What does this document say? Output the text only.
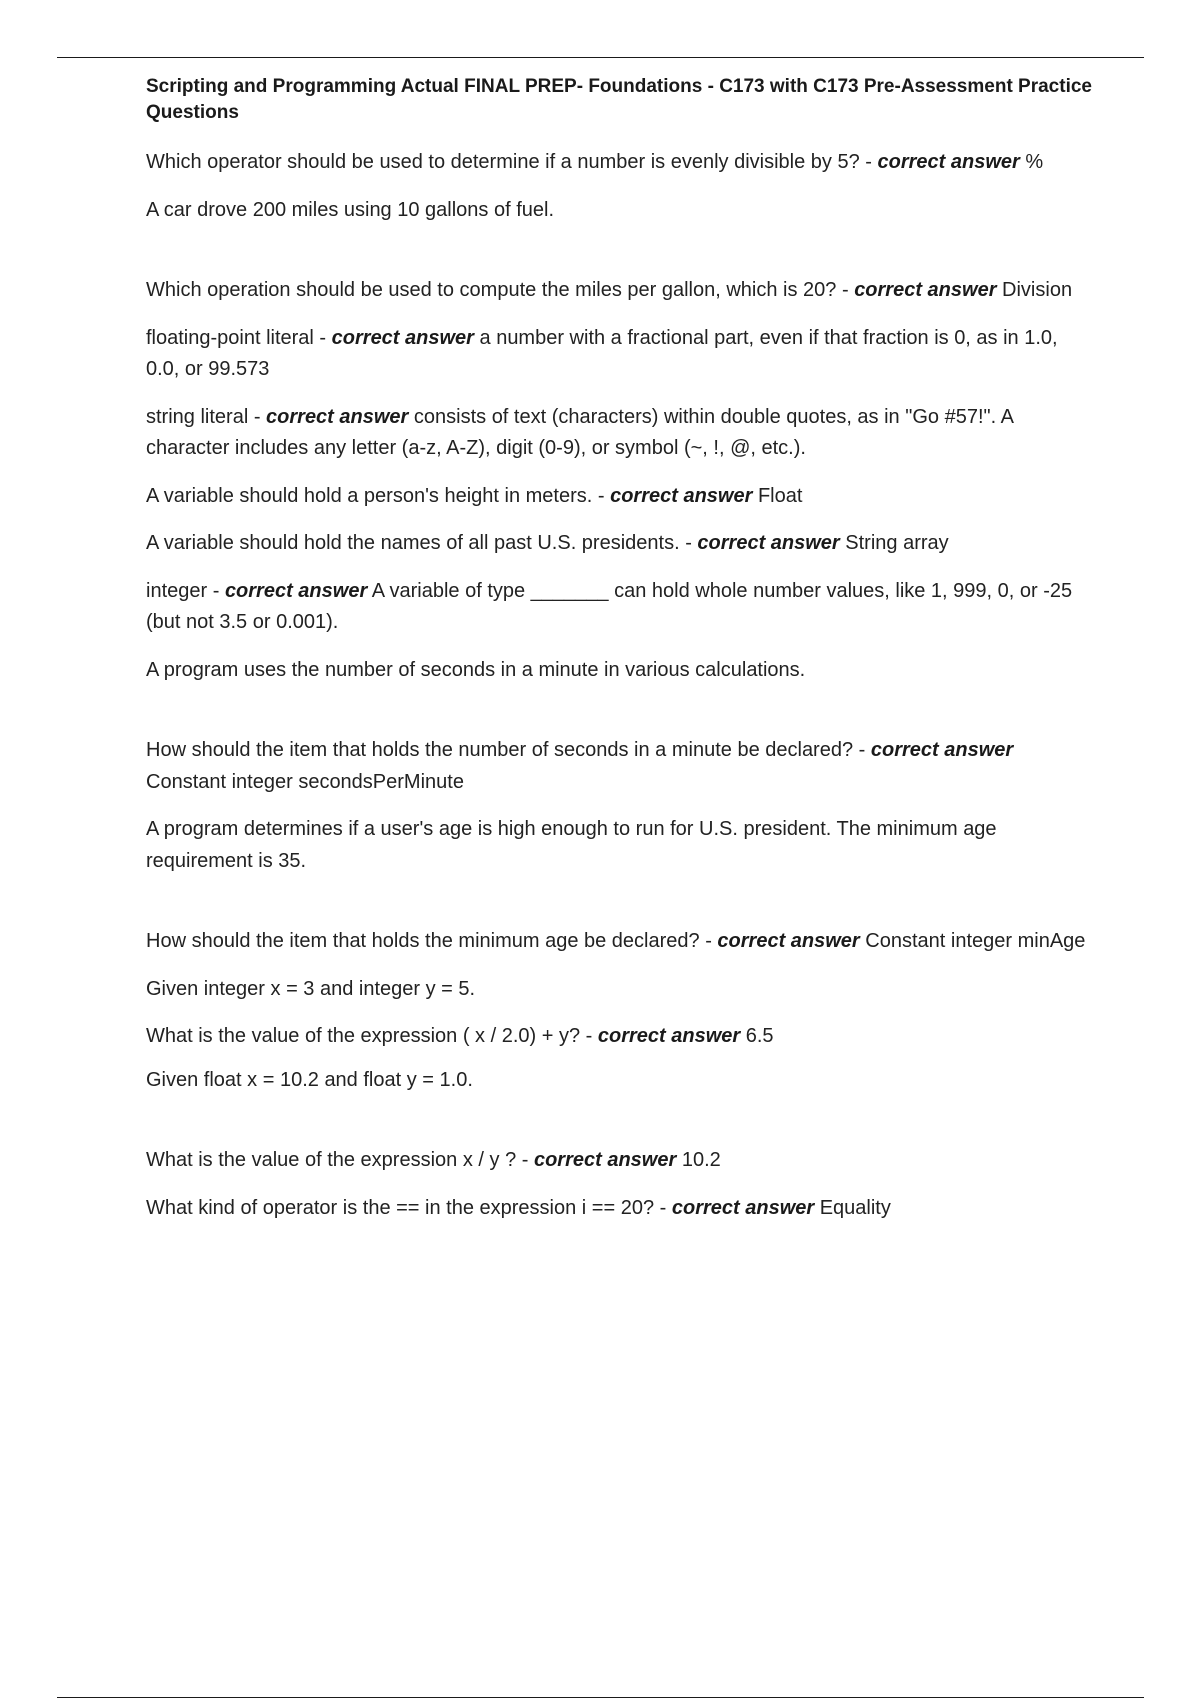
Scripting and Programming Actual FINAL PREP- Foundations - C173 with C173 Pre-Assessment Practice Questions

Which operator should be used to determine if a number is evenly divisible by 5? - correct answer %

A car drove 200 miles using 10 gallons of fuel.

Which operation should be used to compute the miles per gallon, which is 20? - correct answer Division

floating-point literal - correct answer a number with a fractional part, even if that fraction is 0, as in 1.0, 0.0, or 99.573

string literal - correct answer consists of text (characters) within double quotes, as in "Go #57!". A character includes any letter (a-z, A-Z), digit (0-9), or symbol (~, !, @, etc.).

A variable should hold a person's height in meters. - correct answer Float

A variable should hold the names of all past U.S. presidents. - correct answer String array

integer - correct answer A variable of type _______ can hold whole number values, like 1, 999, 0, or -25 (but not 3.5 or 0.001).

A program uses the number of seconds in a minute in various calculations.

How should the item that holds the number of seconds in a minute be declared? - correct answer Constant integer secondsPerMinute

A program determines if a user's age is high enough to run for U.S. president. The minimum age requirement is 35.

How should the item that holds the minimum age be declared? - correct answer Constant integer minAge

Given integer x = 3 and integer y = 5.

What is the value of the expression ( x / 2.0) + y? - correct answer 6.5

Given float x = 10.2 and float y = 1.0.

What is the value of the expression x / y ? - correct answer 10.2

What kind of operator is the == in the expression i == 20? - correct answer Equality
